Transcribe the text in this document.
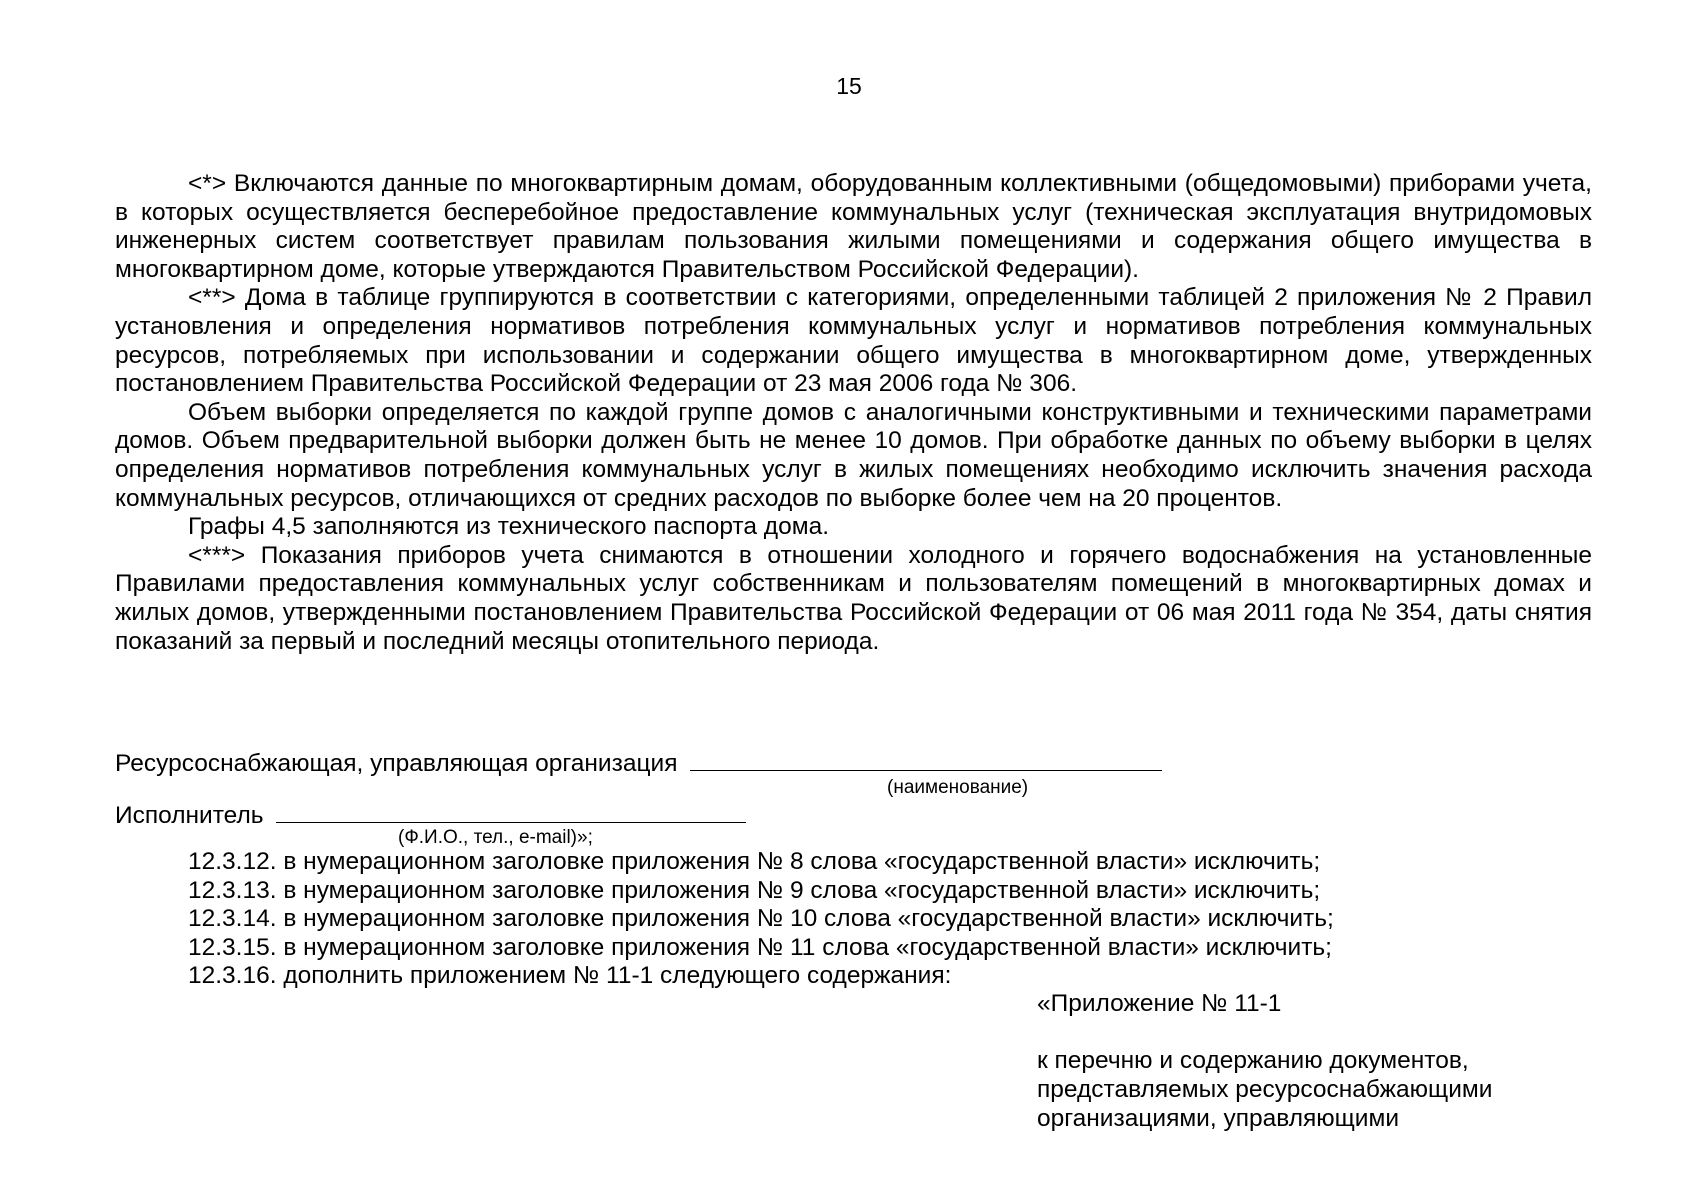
15

<*> Включаются данные по многоквартирным домам, оборудованным коллективными (общедомовыми) приборами учета, в которых осуществляется бесперебойное предоставление коммунальных услуг (техническая эксплуатация внутридомовых инженерных систем соответствует правилам пользования жилыми помещениями и содержания общего имущества в многоквартирном доме, которые утверждаются Правительством Российской Федерации).

<**> Дома в таблице группируются в соответствии с категориями, определенными таблицей 2 приложения № 2 Правил установления и определения нормативов потребления коммунальных услуг и нормативов потребления коммунальных ресурсов, потребляемых при использовании и содержании общего имущества в многоквартирном доме, утвержденных постановлением Правительства Российской Федерации от 23 мая 2006 года № 306.

Объем выборки определяется по каждой группе домов с аналогичными конструктивными и техническими параметрами домов. Объем предварительной выборки должен быть не менее 10 домов. При обработке данных по объему выборки в целях определения нормативов потребления коммунальных услуг в жилых помещениях необходимо исключить значения расхода коммунальных ресурсов, отличающихся от средних расходов по выборке более чем на 20 процентов.

Графы 4,5 заполняются из технического паспорта дома.

<***> Показания приборов учета снимаются в отношении холодного и горячего водоснабжения на установленные Правилами предоставления коммунальных услуг собственникам и пользователям помещений в многоквартирных домах и жилых домов, утвержденными постановлением Правительства Российской Федерации от 06 мая 2011 года № 354, даты снятия показаний за первый и последний месяцы отопительного периода.

Ресурсоснабжающая, управляющая организация
(наименование)
Исполнитель
(Ф.И.О., тел., e-mail)»;
12.3.12. в нумерационном заголовке приложения № 8 слова «государственной власти» исключить;
12.3.13. в нумерационном заголовке приложения № 9 слова «государственной власти» исключить;
12.3.14. в нумерационном заголовке приложения № 10 слова «государственной власти» исключить;
12.3.15. в нумерационном заголовке приложения № 11 слова «государственной власти» исключить;
12.3.16. дополнить приложением № 11-1 следующего содержания:
«Приложение № 11-1
к перечню и содержанию документов,
представляемых ресурсоснабжающими
организациями, управляющими
